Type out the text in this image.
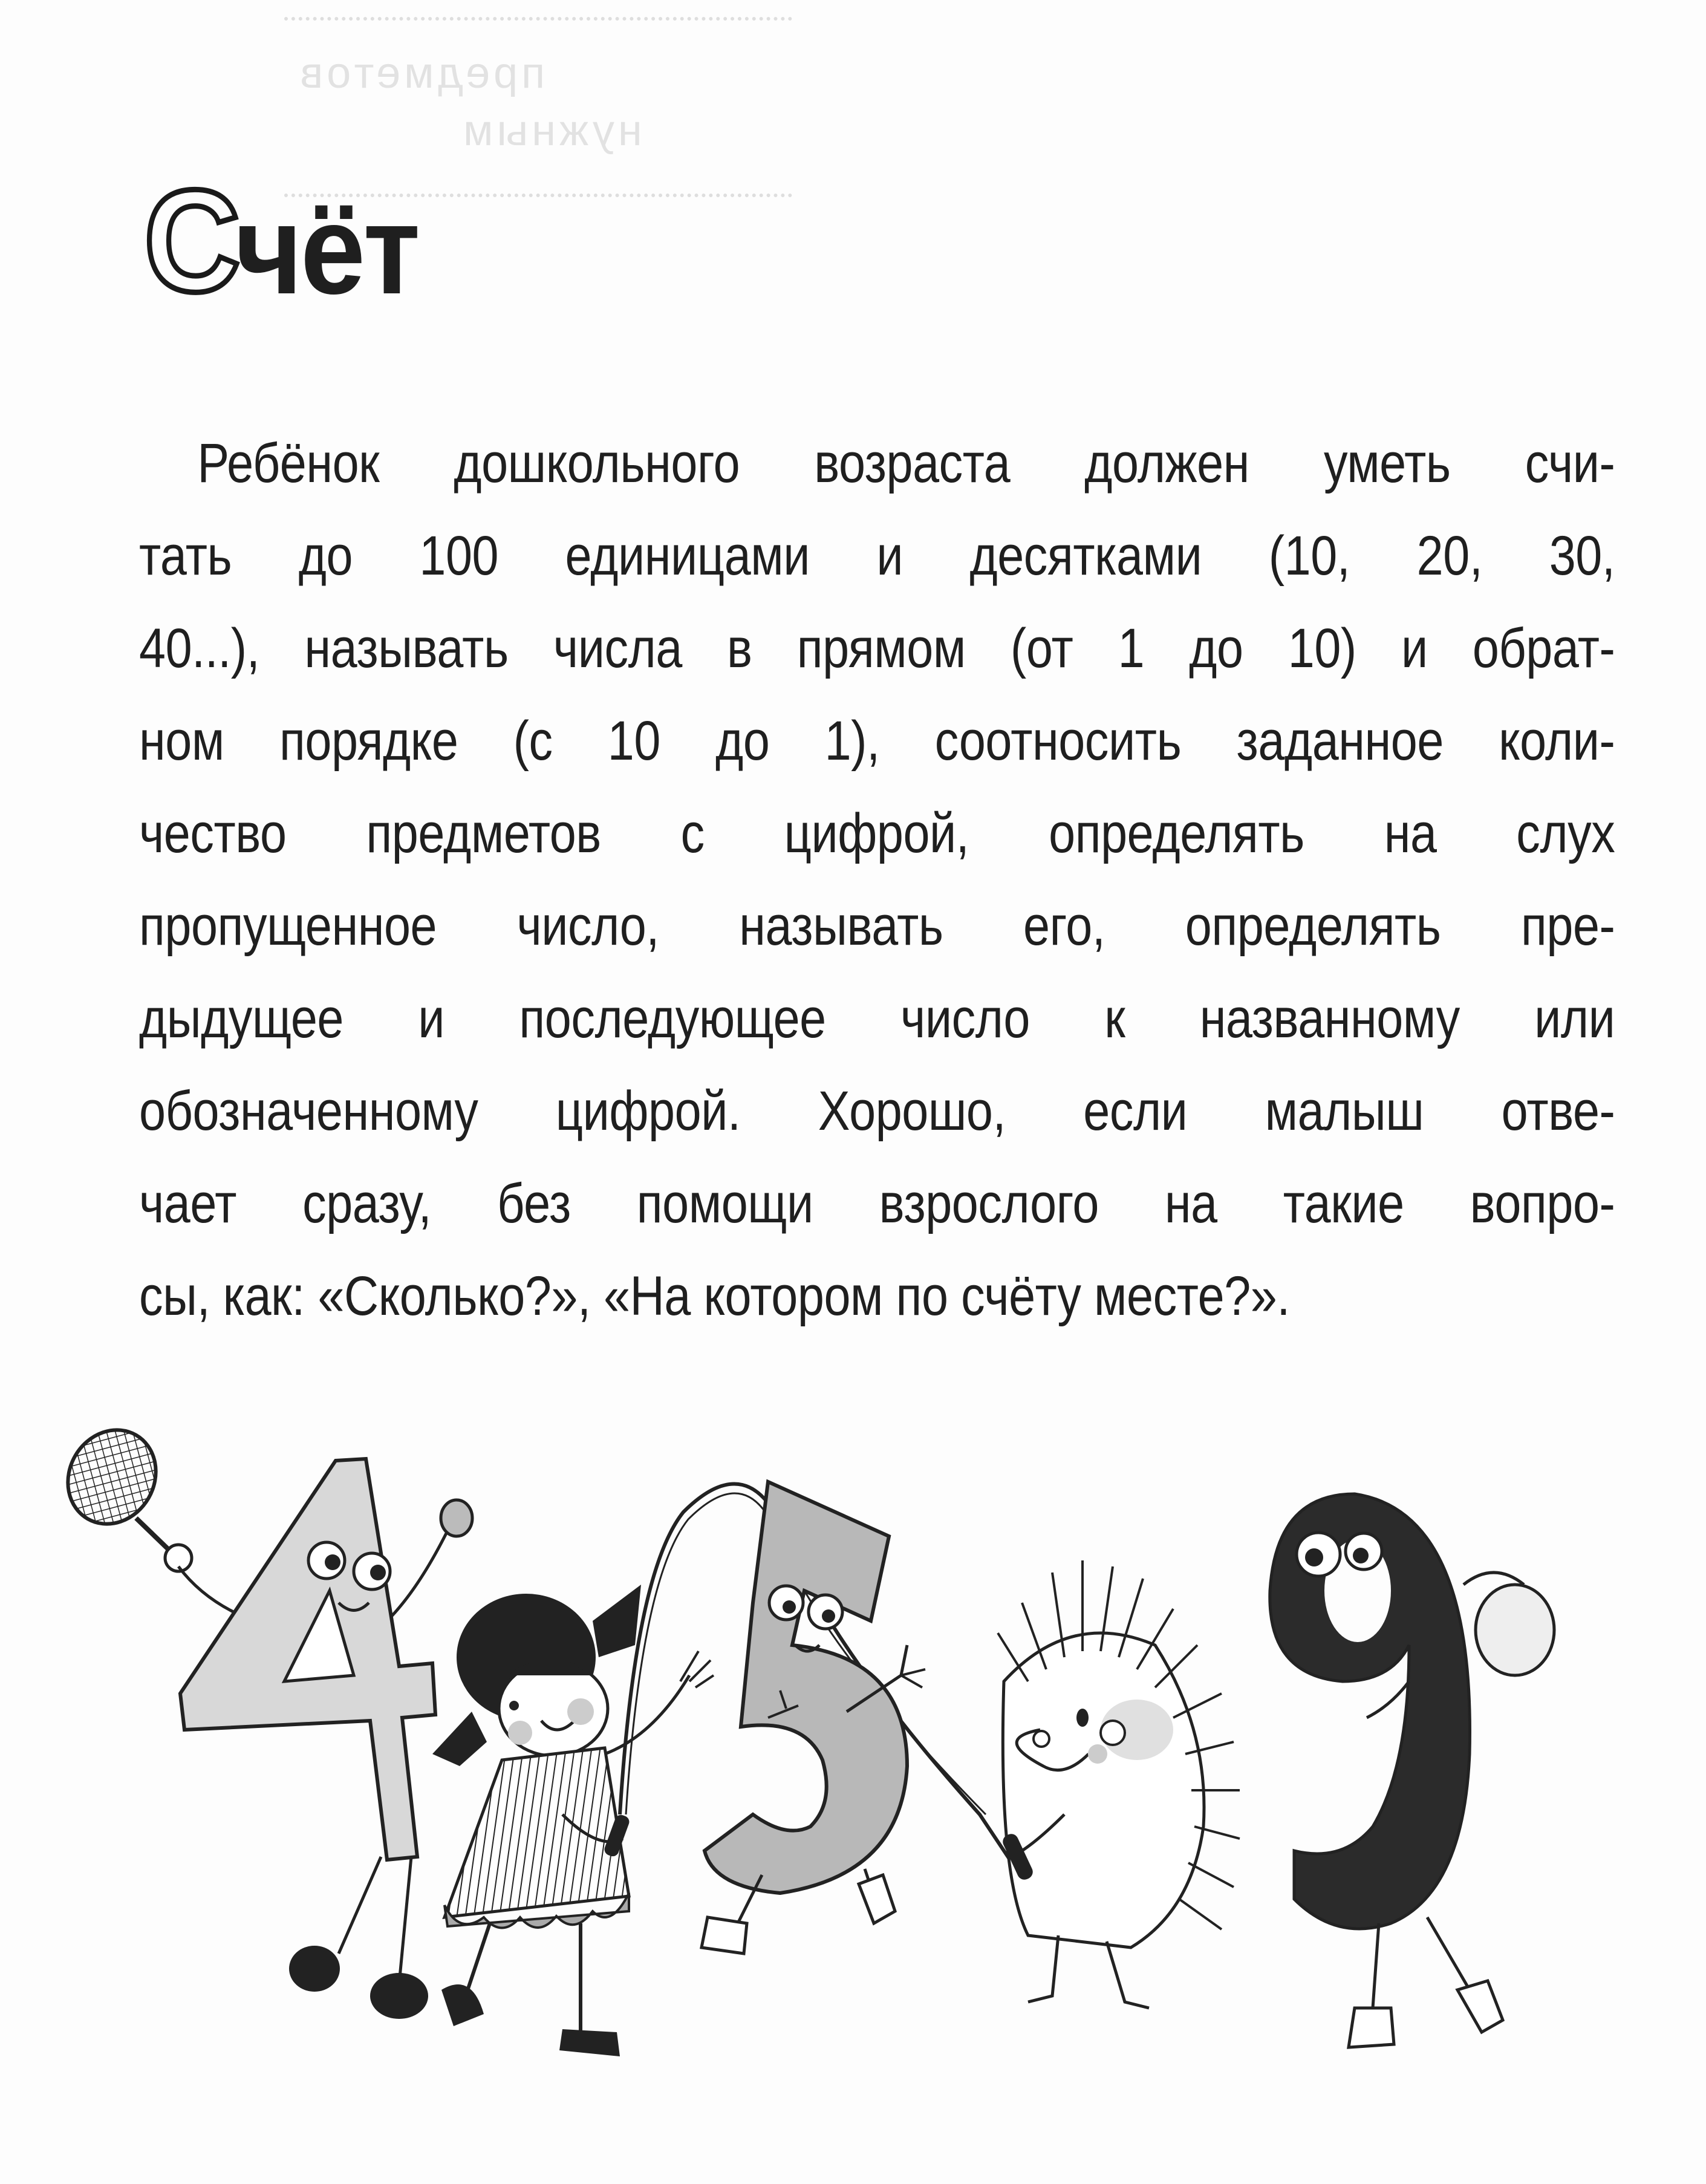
предметов
нужным
С
чёт
Ребёнок дошкольного возраста должен уметь счи-
тать до 100 единицами и десятками (10, 20, 30,
40...), называть числа в прямом (от 1 до 10) и обрат-
ном порядке (с 10 до 1), соотносить заданное коли-
чество предметов с цифрой, определять на слух
пропущенное число, называть его, определять пре-
дыдущее и последующее число к названному или
обозначенному цифрой. Хорошо, если малыш отве-
чает сразу, без помощи взрослого на такие вопро-
сы, как: «Сколько?», «На котором по счёту месте?».
